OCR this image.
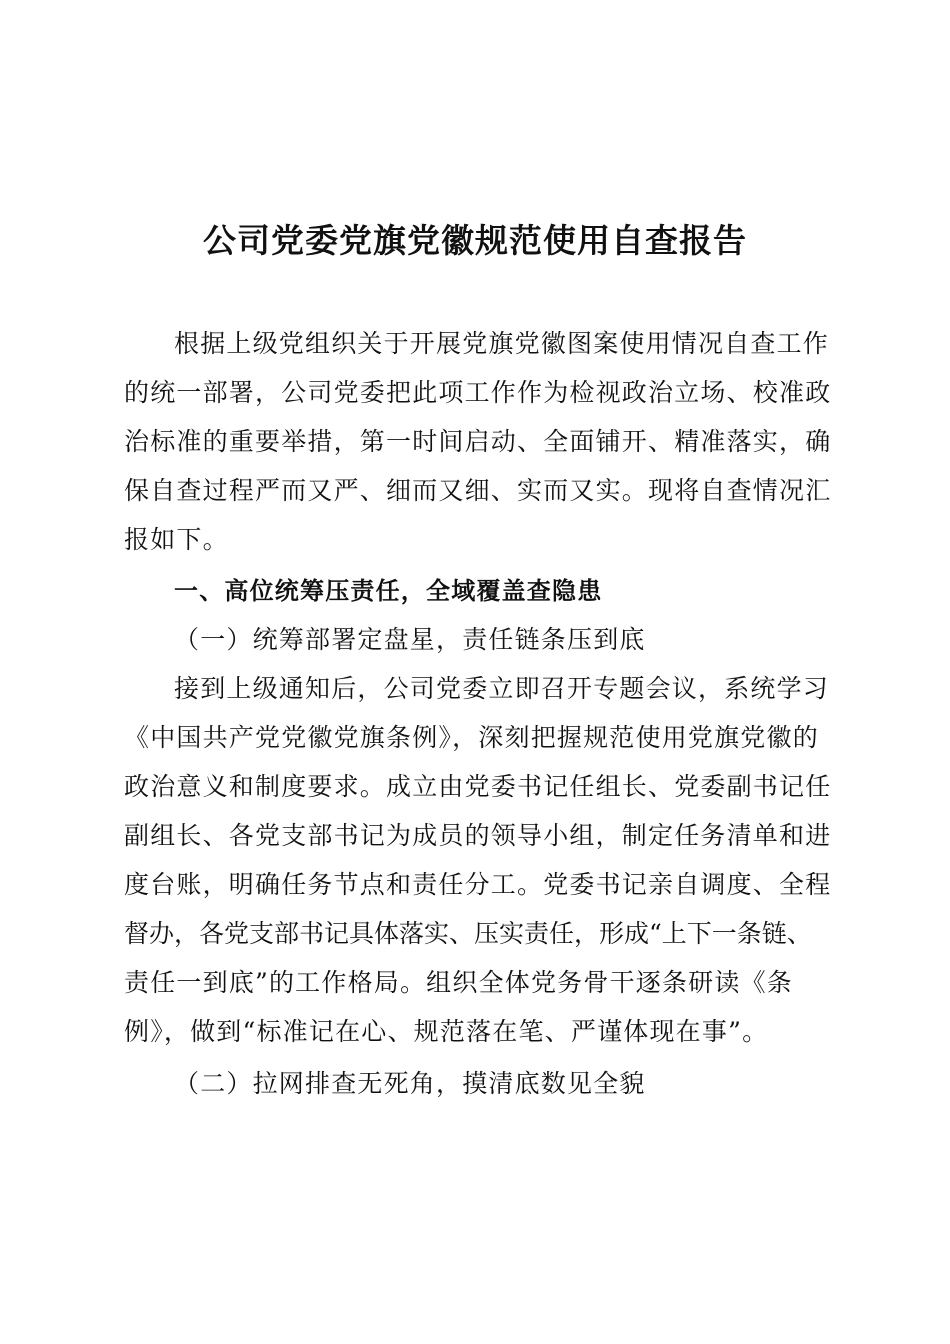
公司党委党旗党徽规范使用自查报告
根据上级党组织关于开展党旗党徽图案使用情况自查工作
的统一部署，公司党委把此项工作作为检视政治立场、校准政
治标准的重要举措，第一时间启动、全面铺开、精准落实，确
保自查过程严而又严、细而又细、实而又实。现将自查情况汇
报如下。
一、高位统筹压责任，全域覆盖查隐患
（一）统筹部署定盘星，责任链条压到底
接到上级通知后，公司党委立即召开专题会议，系统学习
《中国共产党党徽党旗条例》，深刻把握规范使用党旗党徽的
政治意义和制度要求。成立由党委书记任组长、党委副书记任
副组长、各党支部书记为成员的领导小组，制定任务清单和进
度台账，明确任务节点和责任分工。党委书记亲自调度、全程
督办，各党支部书记具体落实、压实责任，形成“上下一条链、
责任一到底”的工作格局。组织全体党务骨干逐条研读《条
例》，做到“标准记在心、规范落在笔、严谨体现在事”。
（二）拉网排查无死角，摸清底数见全貌
